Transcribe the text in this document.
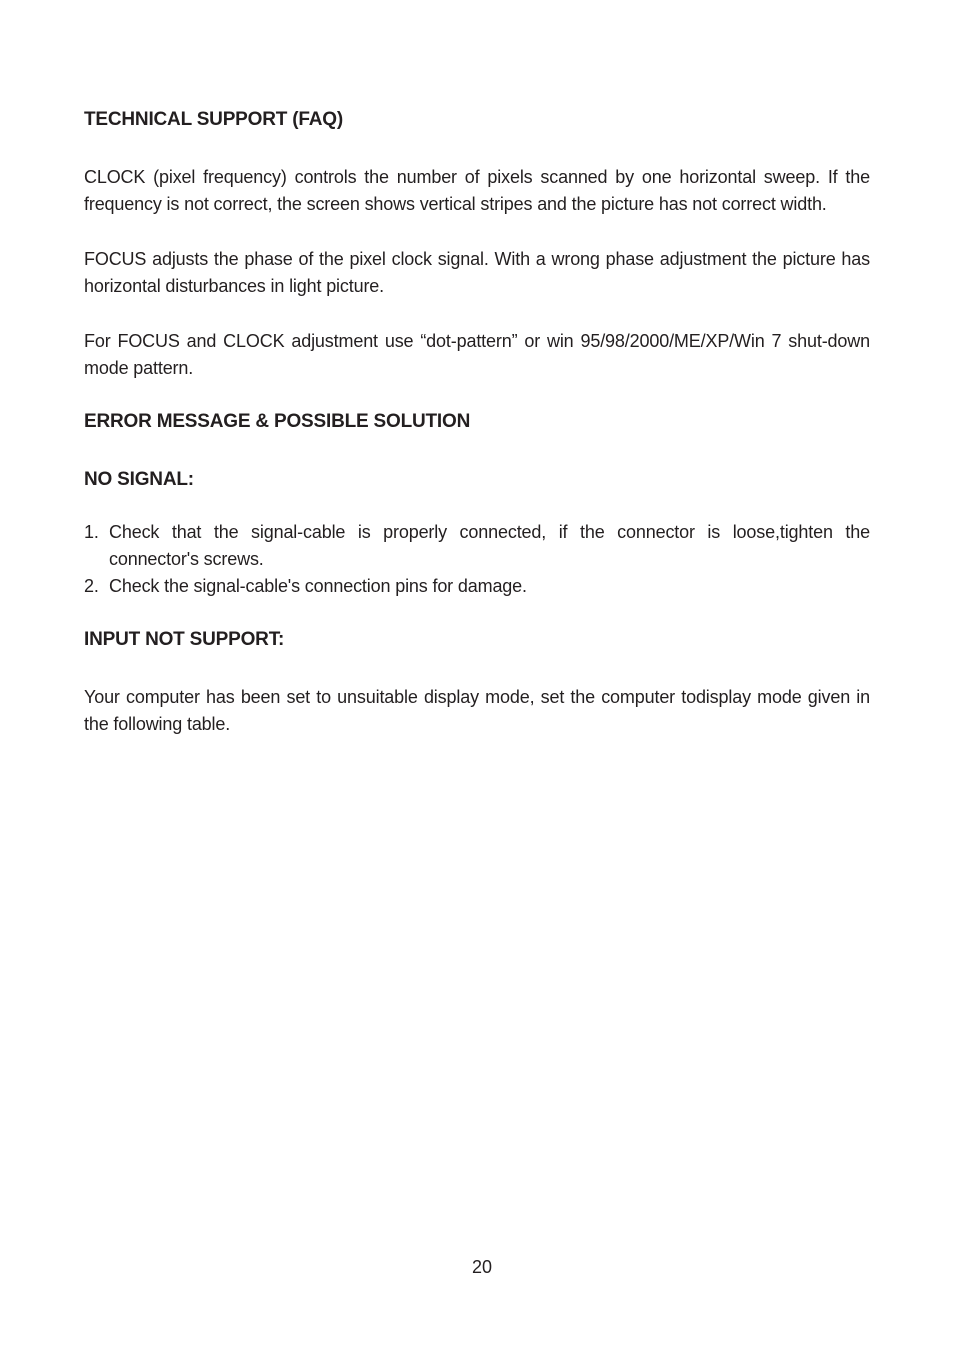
TECHNICAL SUPPORT (FAQ)

CLOCK (pixel frequency) controls the number of pixels scanned by one horizontal sweep. If the frequency is not correct, the screen shows vertical stripes and the picture has not correct width.

FOCUS adjusts the phase of the pixel clock signal. With a wrong phase adjustment the picture has horizontal disturbances in light picture.

For FOCUS and CLOCK adjustment use “dot-pattern” or win 95/98/2000/ME/XP/Win 7 shut-down mode pattern.

ERROR MESSAGE & POSSIBLE SOLUTION
NO SIGNAL:
1. Check that the signal-cable is properly connected, if the connector is loose,tighten the connector's screws.
2. Check the signal-cable's connection pins for damage.
INPUT NOT SUPPORT:

Your computer has been set to unsuitable display mode, set the computer todisplay mode given in the following table.

20
